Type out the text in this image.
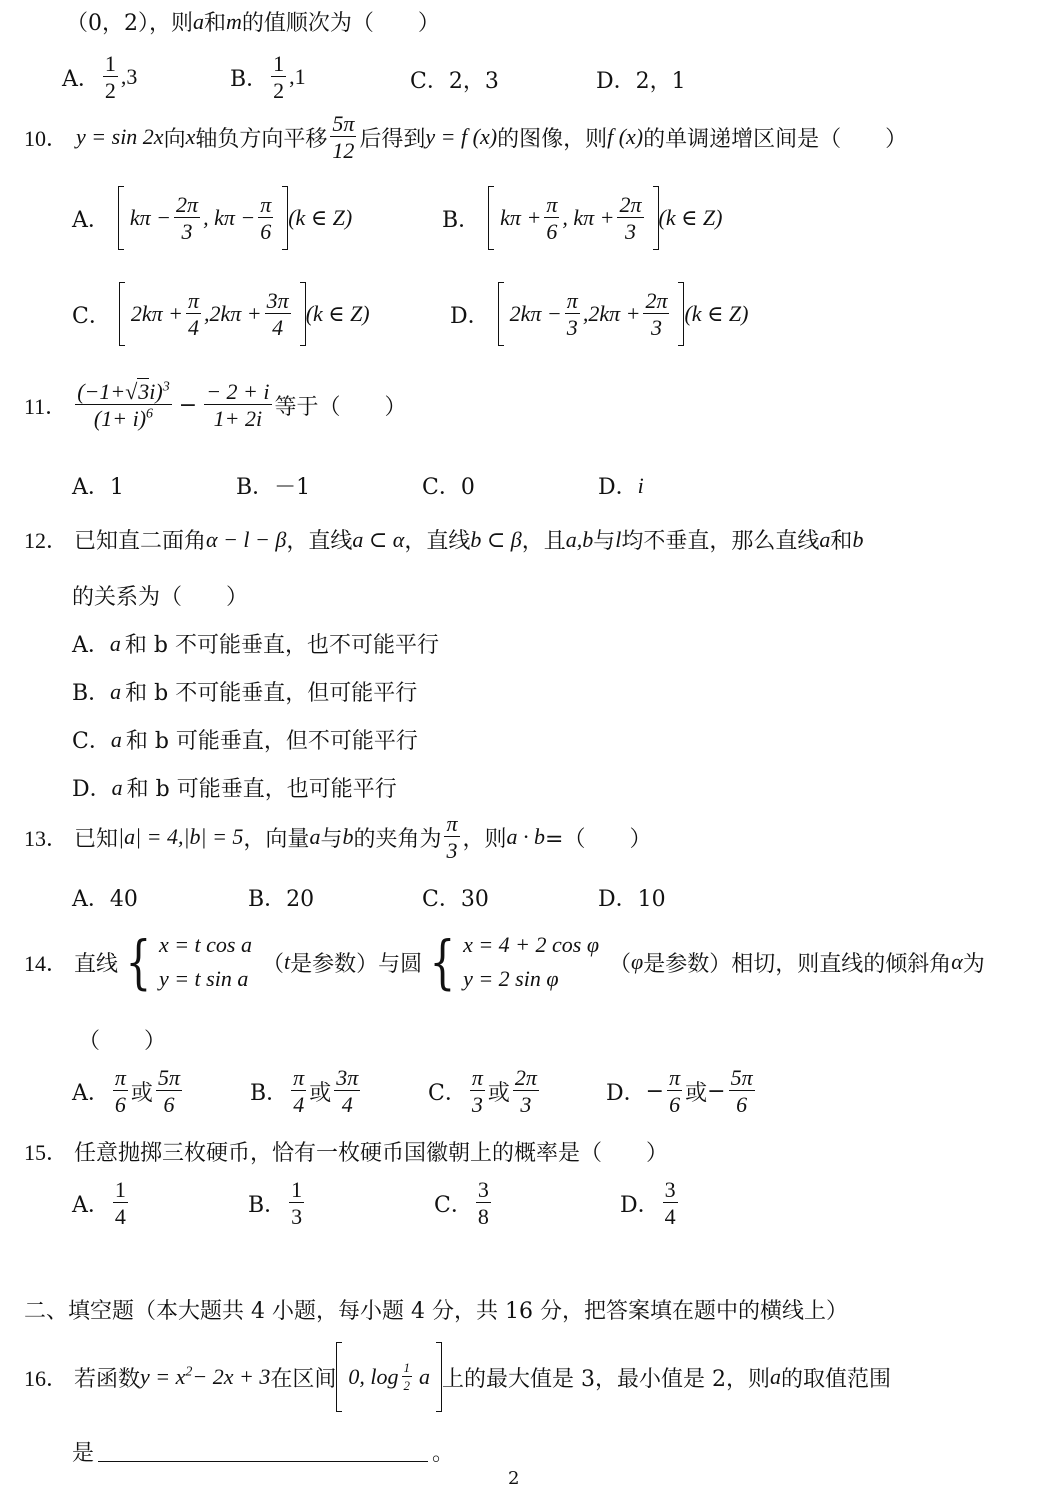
（0，2），则 a 和 m 的值顺次为（　　）
A． $\frac{1}{2} ,3$	B． $\frac{1}{2} ,1$	C．2，3	D．2，1
10． y = sin 2x 向 x 轴负方向平移 $\frac{5\pi}{12}$ 后得到 y = f (x) 的图像，则 f (x) 的单调递增区间是（　　）
A． $k\pi - \frac{2\pi}{3}$ , $k\pi - \frac{\pi}{6} (k$ ∈ Z)	B． $k\pi + \frac{\pi}{6}$ , $k\pi + \frac{2\pi}{3} (k$ ∈ Z)
C． $2k\pi + \frac{\pi}{4} ,2k\pi + \frac{3\pi}{4} (k$ ∈ Z)	D． $2k\pi - \frac{\pi}{3} ,2k\pi + \frac{2\pi}{3} (k$ ∈ Z)
11． $\frac{(-1+√3i)^3}{(1+ i)^6} - \frac{- 2 + i}{1+ 2i}$ 等于（　　）
A．1	B．－1	C．0	D． i
12． 已知直二面角 α − l − β ，直线 a ⊂ α ，直线 b ⊂ β ，且 a,b 与 l 均不垂直，那么直线 a 和 b
的关系为（　　）
A． a 和 b 不可能垂直，也不可能平行
B． a 和 b 不可能垂直，但可能平行
C． a 和 b 可能垂直，但不可能平行
D． a 和 b 可能垂直，也可能平行
13． 已知 |a| = 4,|b| = 5 ，向量 a 与 b 的夹角为 $\frac{\pi}{3}$ ，则 a · b =（　　）
A．40	B．20	C．30	D．10
14． 直线 { x = t cos a
y = t sin a
（ t 是参数）与圆 { x = 4 + 2 cos φ
y = 2 sin φ
（ φ 是参数）相切，则直线的倾斜角 α 为
（　　）
A． $\frac{\pi}{6}$ 或 $\frac{5\pi}{6}$	B． $\frac{\pi}{4}$ 或 $\frac{3\pi}{4}$	C． $\frac{\pi}{3}$ 或 $\frac{2\pi}{3}$	D． − $\frac{\pi}{6}$ 或 − $\frac{5\pi}{6}$
15． 任意抛掷三枚硬币，恰有一枚硬币国徽朝上的概率是（　　）
A． $\frac{1}{4}$	B． $\frac{1}{3}$	C． $\frac{3}{8}$	D． $\frac{3}{4}$
二、填空题（本大题共 4 小题，每小题 4 分，共 16 分，把答案填在题中的横线上）
16． 若函数 $y = x^2- 2x + 3$ 在区间 0, $\log \frac{1}{2}$ a 上的最大值是 3，最小值是 2，则 a 的取值范围
是	。
2
